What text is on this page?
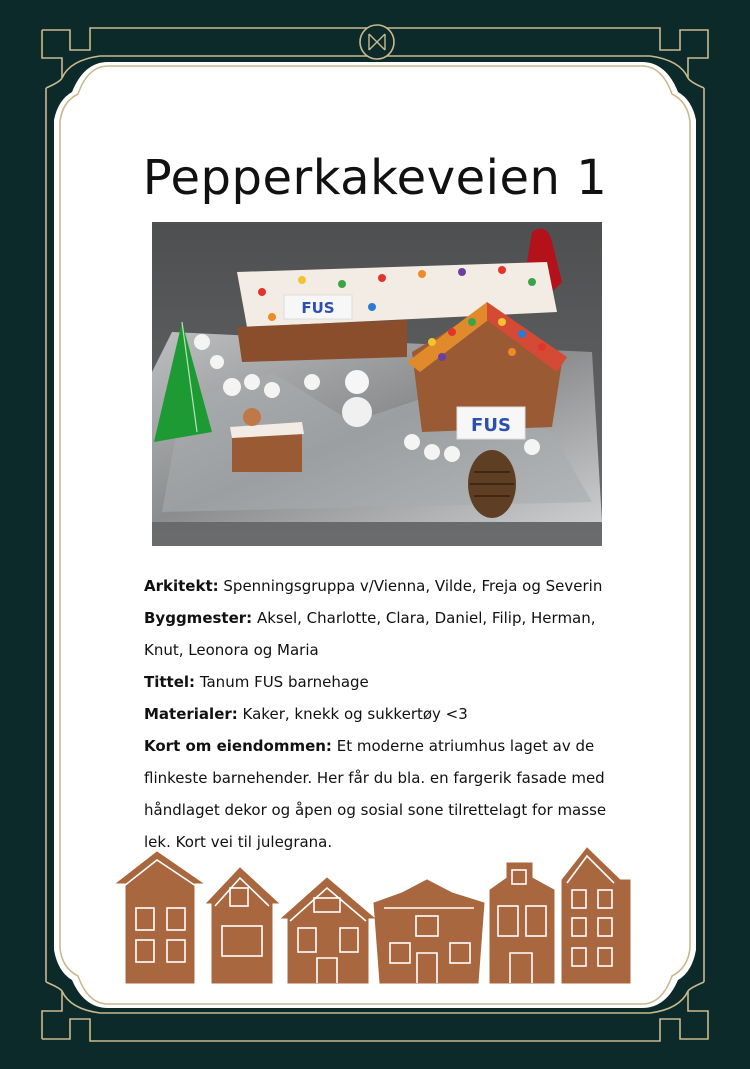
Pepperkakeveien 1
FUS
FUS

Arkitekt: Spenningsgruppa v/Vienna, Vilde, Freja og Severin

Byggmester: Aksel, Charlotte, Clara, Daniel, Filip, Herman, Knut, Leonora og Maria

Tittel: Tanum FUS barnehage

Materialer: Kaker, knekk og sukkertøy <3

Kort om eiendommen: Et moderne atriumhus laget av de flinkeste barnehender. Her får du bla. en fargerik fasade med håndlaget dekor og åpen og sosial sone tilrettelagt for masse lek. Kort vei til julegrana.
